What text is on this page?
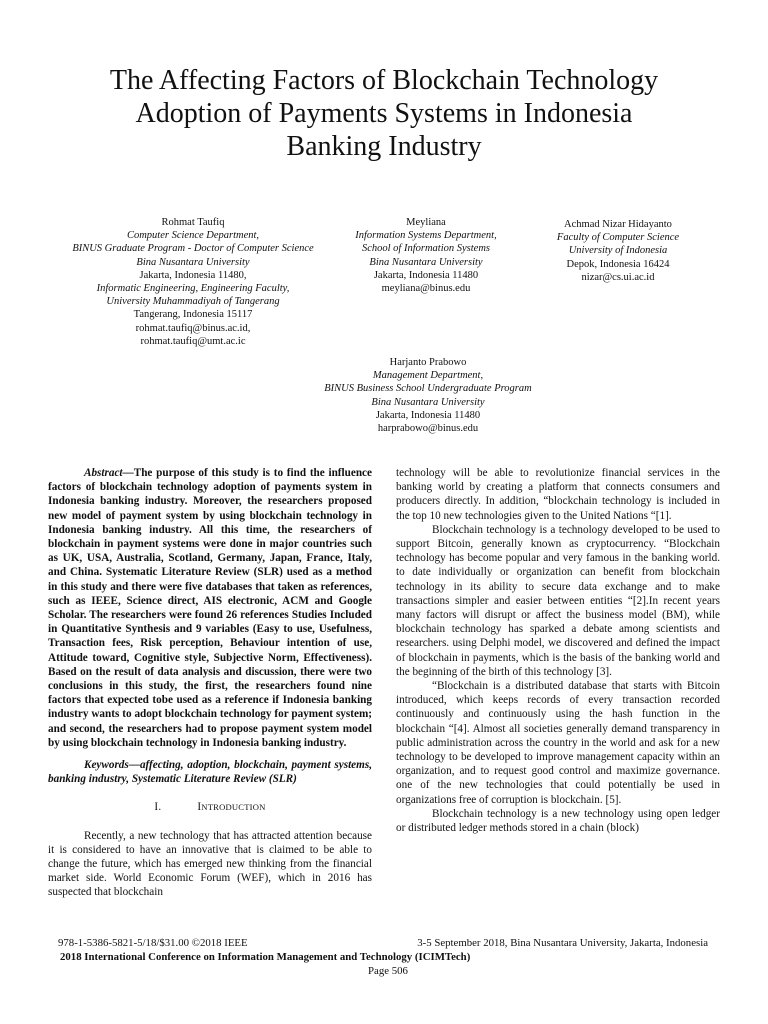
The Affecting Factors of Blockchain Technology
Adoption of Payments Systems in Indonesia
Banking Industry
Rohmat Taufiq
Computer Science Department,
BINUS Graduate Program - Doctor of Computer Science
Bina Nusantara University
Jakarta, Indonesia 11480,
Informatic Engineering, Engineering Faculty,
University Muhammadiyah of Tangerang
Tangerang, Indonesia 15117
rohmat.taufiq@binus.ac.id,
rohmat.taufiq@umt.ac.ic
Meyliana
Information Systems Department,
School of Information Systems
Bina Nusantara University
Jakarta, Indonesia 11480
meyliana@binus.edu
Achmad Nizar Hidayanto
Faculty of Computer Science
University of Indonesia
Depok, Indonesia 16424
nizar@cs.ui.ac.id
Harjanto Prabowo
Management Department,
BINUS Business School Undergraduate Program
Bina Nusantara University
Jakarta, Indonesia 11480
harprabowo@binus.edu

Abstract—The purpose of this study is to find the influence factors of blockchain technology adoption of payments system in Indonesia banking industry. Moreover, the researchers proposed new model of payment system by using blockchain technology in Indonesia banking industry. All this time, the researchers of blockchain in payment systems were done in major countries such as UK, USA, Australia, Scotland, Germany, Japan, France, Italy, and China. Systematic Literature Review (SLR) used as a method in this study and there were five databases that taken as references, such as IEEE, Science direct, AIS electronic, ACM and Google Scholar. The researchers were found 26 references Studies Included in Quantitative Synthesis and 9 variables (Easy to use, Usefulness, Transaction fees, Risk perception, Behaviour intention of use, Attitude toward, Cognitive style, Subjective Norm, Effectiveness). Based on the result of data analysis and discussion, there were two conclusions in this study, the first, the researchers found nine factors that expected tobe used as a reference if Indonesia banking industry wants to adopt blockchain technology for payment system; and second, the researchers had to propose payment system model by using blockchain technology in Indonesia banking industry.

Keywords—affecting, adoption, blockchain, payment systems, banking industry, Systematic Literature Review (SLR)

I.	INTRODUCTION

Recently, a new technology that has attracted attention because it is considered to have an innovative that is claimed to be able to change the future, which has emerged new thinking from the financial market side. World Economic Forum (WEF), which in 2016 has suspected that blockchain

technology will be able to revolutionize financial services in the banking world by creating a platform that connects consumers and producers directly. In addition, “blockchain technology is included in the top 10 new technologies given to the United Nations “[1].

Blockchain technology is a technology developed to be used to support Bitcoin, generally known as cryptocurrency. “Blockchain technology has become popular and very famous in the banking world. to date individually or organization can benefit from blockchain technology in its ability to secure data exchange and to make transactions simpler and easier between entities “[2].In recent years many factors will disrupt or affect the business model (BM), while blockchain technology has sparked a debate among scientists and researchers. using Delphi model, we discovered and defined the impact of blockchain in payments, which is the basis of the banking world and the beginning of the birth of this technology [3].

“Blockchain is a distributed database that starts with Bitcoin introduced, which keeps records of every transaction recorded continuously and continuously using the hash function in the blockchain “[4]. Almost all societies generally demand transparency in public administration across the country in the world and ask for a new technology to be developed to improve management capacity within an organization, and to request good control and maximize governance. one of the new technologies that could potentially be used in organizations free of corruption is blockchain. [5].

Blockchain technology is a new technology using open ledger or distributed ledger methods stored in a chain (block)

978-1-5386-5821-5/18/$31.00 ©2018 IEEE	3-5 September 2018, Bina Nusantara University, Jakarta, Indonesia
2018 International Conference on Information Management and Technology (ICIMTech)
Page 506
